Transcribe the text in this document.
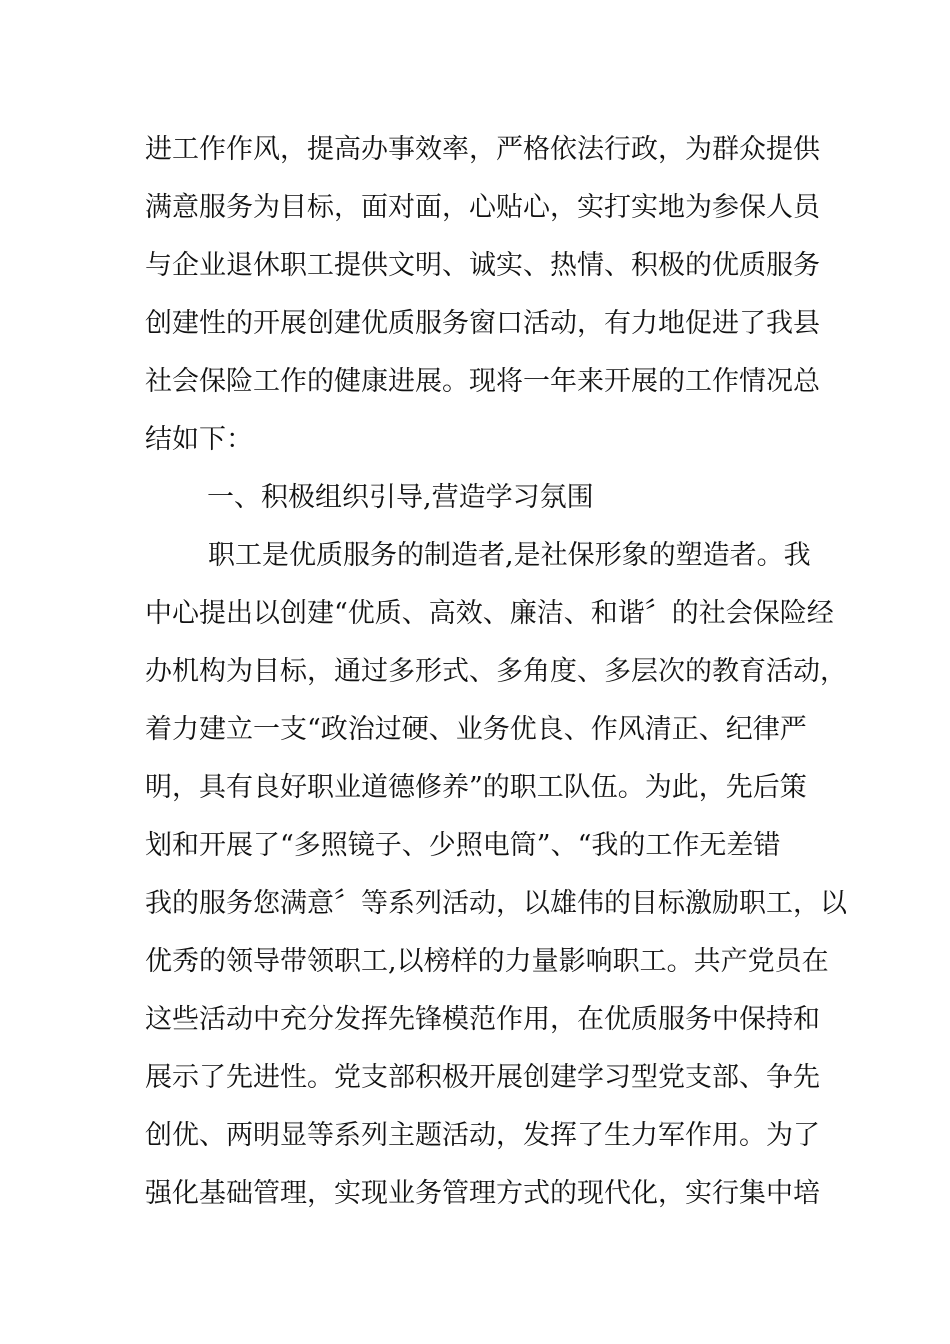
进工作作风，提高办事效率，严格依法行政，为群众提供
满意服务为目标，面对面，心贴心，实打实地为参保人员
与企业退休职工提供文明、诚实、热情、积极的优质服务
创建性的开展创建优质服务窗口活动，有力地促进了我县
社会保险工作的健康进展。现将一年来开展的工作情况总
结如下：
一、积极组织引导,营造学习氛围
职工是优质服务的制造者,是社保形象的塑造者。我
中心提出以创建“优质、高效、廉洁、和谐〞的社会保险经
办机构为目标，通过多形式、多角度、多层次的教育活动，
着力建立一支“政治过硬、业务优良、作风清正、纪律严
明，具有良好职业道德修养”的职工队伍。为此，先后策
划和开展了“多照镜子、少照电筒”、“我的工作无差错
我的服务您满意〞等系列活动，以雄伟的目标激励职工，以
优秀的领导带领职工,以榜样的力量影响职工。共产党员在
这些活动中充分发挥先锋模范作用，在优质服务中保持和
展示了先进性。党支部积极开展创建学习型党支部、争先
创优、两明显等系列主题活动，发挥了生力军作用。为了
强化基础管理，实现业务管理方式的现代化，实行集中培
